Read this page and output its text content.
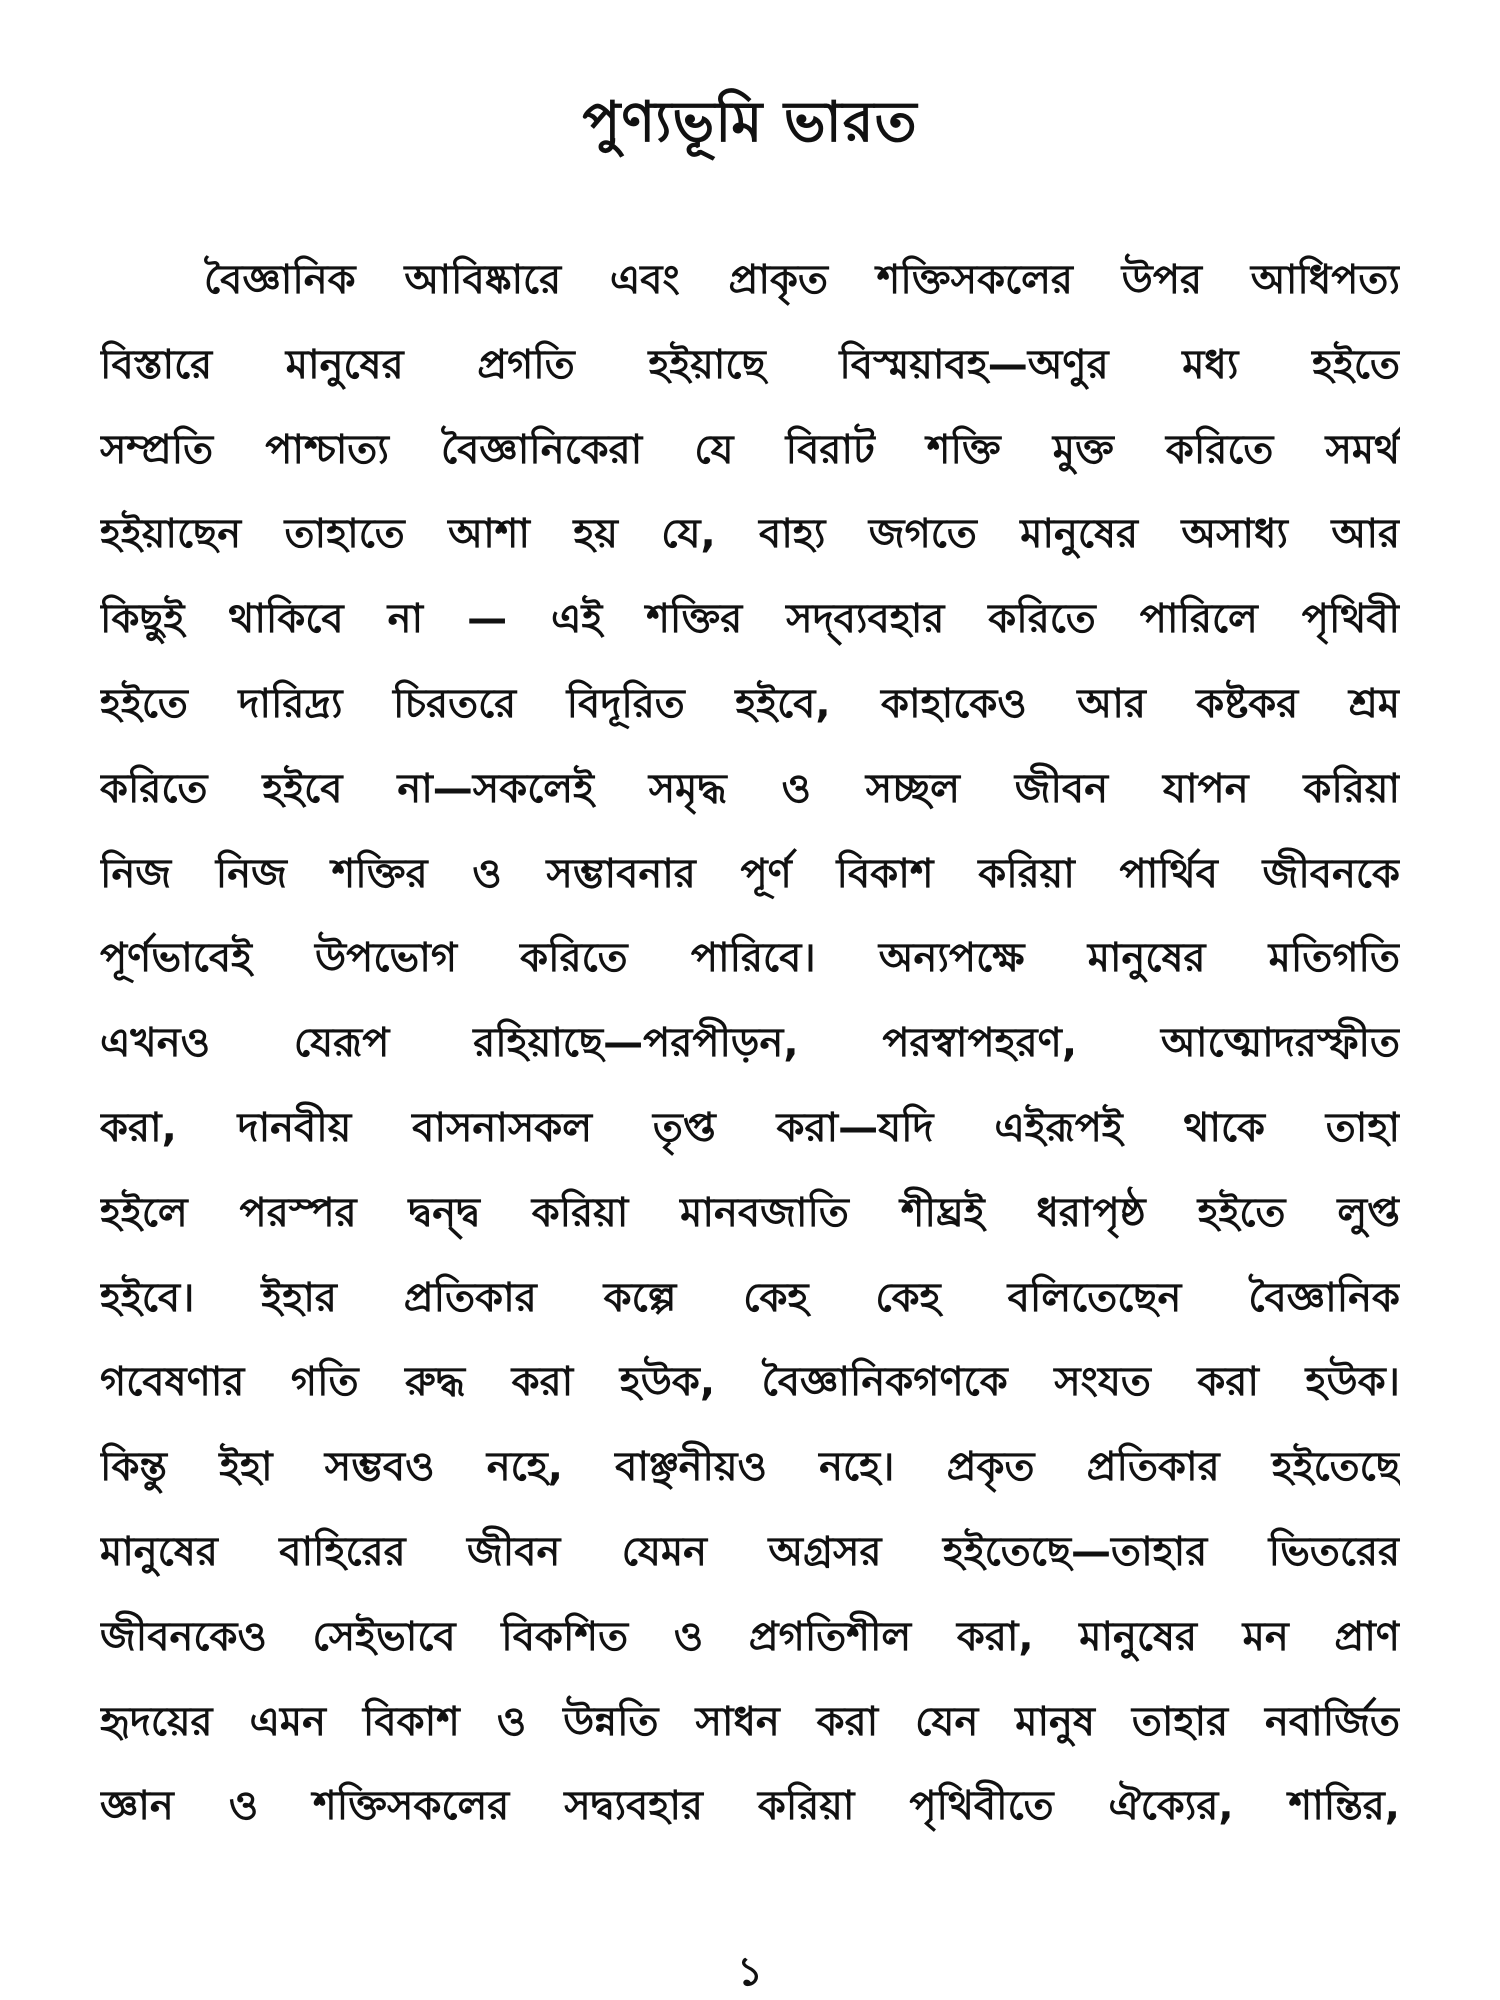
পুণ্যভূমি ভারত
বৈজ্ঞানিক আবিষ্কারে এবং প্রাকৃত শক্তিসকলের উপর আধিপত্য
বিস্তারে মানুষের প্রগতি হইয়াছে বিস্ময়াবহ—অণুর মধ্য হইতে
সম্প্রতি পাশ্চাত্য বৈজ্ঞানিকেরা যে বিরাট শক্তি মুক্ত করিতে সমর্থ
হইয়াছেন তাহাতে আশা হয় যে, বাহ্য জগতে মানুষের অসাধ্য আর
কিছুই থাকিবে না — এই শক্তির সদ্‌ব্যবহার করিতে পারিলে পৃথিবী
হইতে দারিদ্র্য চিরতরে বিদূরিত হইবে, কাহাকেও আর কষ্টকর শ্রম
করিতে হইবে না—সকলেই সমৃদ্ধ ও সচ্ছল জীবন যাপন করিয়া
নিজ নিজ শক্তির ও সম্ভাবনার পূর্ণ বিকাশ করিয়া পার্থিব জীবনকে
পূর্ণভাবেই উপভোগ করিতে পারিবে। অন্যপক্ষে মানুষের মতিগতি
এখনও যেরূপ রহিয়াছে—পরপীড়ন, পরস্বাপহরণ, আত্মোদরস্ফীত
করা, দানবীয় বাসনাসকল তৃপ্ত করা—যদি এইরূপই থাকে তাহা
হইলে পরস্পর দ্বন্দ্ব করিয়া মানবজাতি শীঘ্রই ধরাপৃষ্ঠ হইতে লুপ্ত
হইবে। ইহার প্রতিকার কল্পে কেহ কেহ বলিতেছেন বৈজ্ঞানিক
গবেষণার গতি রুদ্ধ করা হউক, বৈজ্ঞানিকগণকে সংযত করা হউক।
কিন্তু ইহা সম্ভবও নহে, বাঞ্ছনীয়ও নহে। প্রকৃত প্রতিকার হইতেছে
মানুষের বাহিরের জীবন যেমন অগ্রসর হইতেছে—তাহার ভিতরের
জীবনকেও সেইভাবে বিকশিত ও প্রগতিশীল করা, মানুষের মন প্রাণ
হৃদয়ের এমন বিকাশ ও উন্নতি সাধন করা যেন মানুষ তাহার নবার্জিত
জ্ঞান ও শক্তিসকলের সদ্ব্যবহার করিয়া পৃথিবীতে ঐক্যের, শান্তির,
১
